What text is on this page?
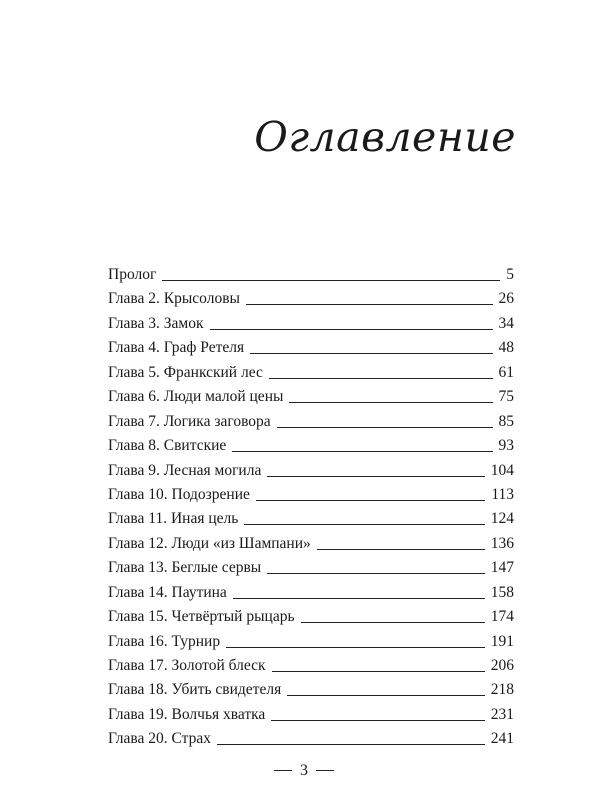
Оглавление
Пролог	5
Глава 2. Крысоловы	26
Глава 3. Замок	34
Глава 4. Граф Ретеля	48
Глава 5. Франкский лес	61
Глава 6. Люди малой цены	75
Глава 7. Логика заговора	85
Глава 8. Свитские	93
Глава 9. Лесная могила	104
Глава 10. Подозрение	113
Глава 11. Иная цель	124
Глава 12. Люди «из Шампани»	136
Глава 13. Беглые сервы	147
Глава 14. Паутина	158
Глава 15. Четвёртый рыцарь	174
Глава 16. Турнир	191
Глава 17. Золотой блеск	206
Глава 18. Убить свидетеля	218
Глава 19. Волчья хватка	231
Глава 20. Страх	241
3
